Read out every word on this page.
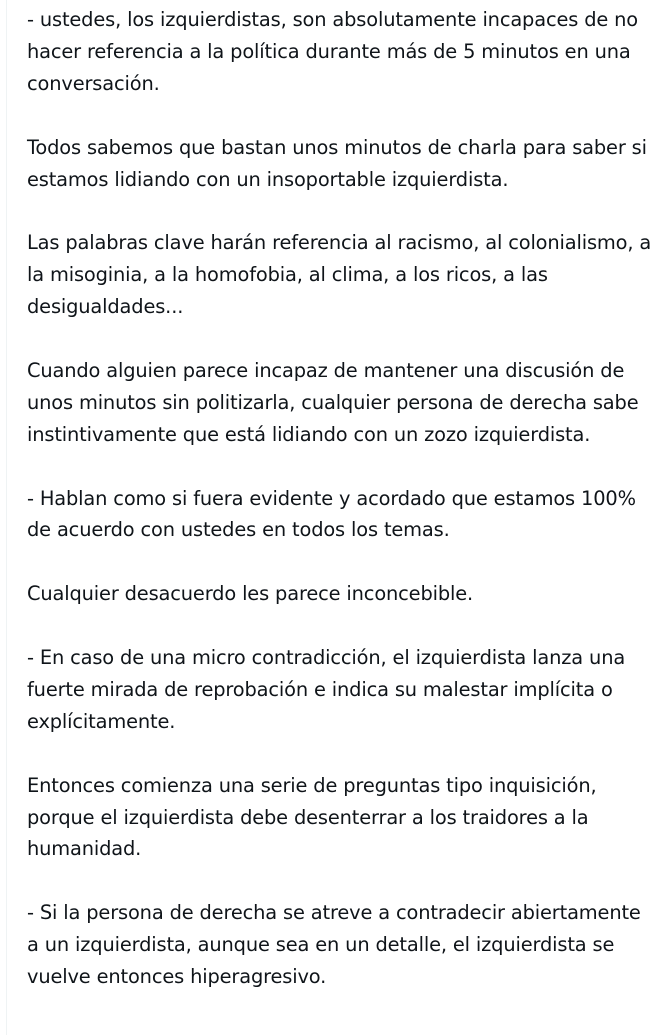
- ustedes, los izquierdistas, son absolutamente incapaces de no hacer referencia a la política durante más de 5 minutos en una conversación.

Todos sabemos que bastan unos minutos de charla para saber si estamos lidiando con un insoportable izquierdista.

Las palabras clave harán referencia al racismo, al colonialismo, a la misoginia, a la homofobia, al clima, a los ricos, a las desigualdades...

Cuando alguien parece incapaz de mantener una discusión de unos minutos sin politizarla, cualquier persona de derecha sabe instintivamente que está lidiando con un zozo izquierdista.

- Hablan como si fuera evidente y acordado que estamos 100% de acuerdo con ustedes en todos los temas.

Cualquier desacuerdo les parece inconcebible.

- En caso de una micro contradicción, el izquierdista lanza una fuerte mirada de reprobación e indica su malestar implícita o explícitamente.

Entonces comienza una serie de preguntas tipo inquisición, porque el izquierdista debe desenterrar a los traidores a la humanidad.

- Si la persona de derecha se atreve a contradecir abiertamente a un izquierdista, aunque sea en un detalle, el izquierdista se vuelve entonces hiperagresivo.
